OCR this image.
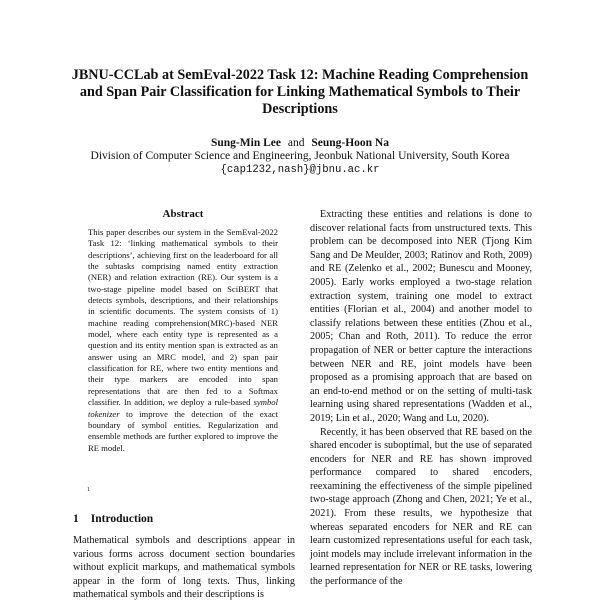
JBNU-CCLab at SemEval-2022 Task 12: Machine Reading Comprehension and Span Pair Classification for Linking Mathematical Symbols to Their Descriptions
Sung-Min Lee and Seung-Hoon Na
Division of Computer Science and Engineering, Jeonbuk National University, South Korea
{cap1232,nash}@jbnu.ac.kr
Abstract
This paper describes our system in the SemEval-2022 Task 12: ‘linking mathematical symbols to their descriptions’, achieving first on the leaderboard for all the subtasks comprising named entity extraction (NER) and relation extraction (RE). Our system is a two-stage pipeline model based on SciBERT that detects symbols, descriptions, and their relationships in scientific documents. The system consists of 1) machine reading comprehension(MRC)-based NER model, where each entity type is represented as a question and its entity mention span is extracted as an answer using an MRC model, and 2) span pair classification for RE, where two entity mentions and their type markers are encoded into span representations that are then fed to a Softmax classifier. In addition, we deploy a rule-based symbol tokenizer to improve the detection of the exact boundary of symbol entities. Regularization and ensemble methods are further explored to improve the RE model.
1
1 Introduction

Mathematical symbols and descriptions appear in various forms across document section boundaries without explicit markups, and mathematical symbols appear in the form of long texts. Thus, linking mathematical symbols and their descriptions is

Extracting these entities and relations is done to discover relational facts from unstructured texts. This problem can be decomposed into NER (Tjong Kim Sang and De Meulder, 2003; Ratinov and Roth, 2009) and RE (Zelenko et al., 2002; Bunescu and Mooney, 2005). Early works employed a two-stage relation extraction system, training one model to extract entities (Florian et al., 2004) and another model to classify relations between these entities (Zhou et al., 2005; Chan and Roth, 2011). To reduce the error propagation of NER or better capture the interactions between NER and RE, joint models have been proposed as a promising approach that are based on an end-to-end method or on the setting of multi-task learning using shared representations (Wadden et al., 2019; Lin et al., 2020; Wang and Lu, 2020).

Recently, it has been observed that RE based on the shared encoder is suboptimal, but the use of separated encoders for NER and RE has shown improved performance compared to shared encoders, reexamining the effectiveness of the simple pipelined two-stage approach (Zhong and Chen, 2021; Ye et al., 2021). From these results, we hypothesize that whereas separated encoders for NER and RE can learn customized representations useful for each task, joint models may include irrelevant information in the learned representation for NER or RE tasks, lowering the performance of the
